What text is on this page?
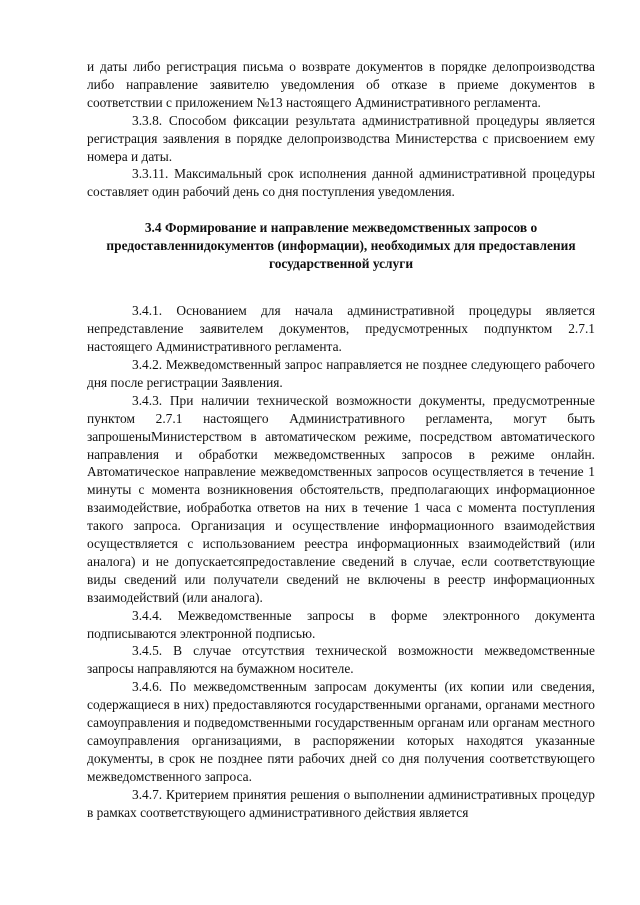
и даты либо регистрация письма о возврате документов в порядке делопроизводства либо направление заявителю уведомления об отказе в приеме документов в соответствии с приложением №13 настоящего Административного регламента.

3.3.8. Способом фиксации результата административной процедуры является регистрация заявления в порядке делопроизводства Министерства с присвоением ему номера и даты.

3.3.11. Максимальный срок исполнения данной административной процедуры составляет один рабочий день со дня поступления уведомления.

3.4 Формирование и направление межведомственных запросов о предоставленнидокументов (информации), необходимых для предоставления государственной услуги

3.4.1. Основанием для начала административной процедуры является непредставление заявителем документов, предусмотренных подпунктом 2.7.1 настоящего Административного регламента.

3.4.2. Межведомственный запрос направляется не позднее следующего рабочего дня после регистрации Заявления.

3.4.3. При наличии технической возможности документы, предусмотренные пунктом 2.7.1 настоящего Административного регламента, могут быть запрошеныМинистерством в автоматическом режиме, посредством автоматического направления и обработки межведомственных запросов в режиме онлайн. Автоматическое направление межведомственных запросов осуществляется в течение 1 минуты с момента возникновения обстоятельств, предполагающих информационное взаимодействие, иобработка ответов на них в течение 1 часа с момента поступления такого запроса. Организация и осуществление информационного взаимодействия осуществляется с использованием реестра информационных взаимодействий (или аналога) и не допускаетсяпредоставление сведений в случае, если соответствующие виды сведений или получатели сведений не включены в реестр информационных взаимодействий (или аналога).

3.4.4. Межведомственные запросы в форме электронного документа подписываются электронной подписью.

3.4.5. В случае отсутствия технической возможности межведомственные запросы направляются на бумажном носителе.

3.4.6. По межведомственным запросам документы (их копии или сведения, содержащиеся в них) предоставляются государственными органами, органами местного самоуправления и подведомственными государственным органам или органам местного самоуправления организациями, в распоряжении которых находятся указанные документы, в срок не позднее пяти рабочих дней со дня получения соответствующего межведомственного запроса.

3.4.7. Критерием принятия решения о выполнении административных процедур в рамках соответствующего административного действия является
